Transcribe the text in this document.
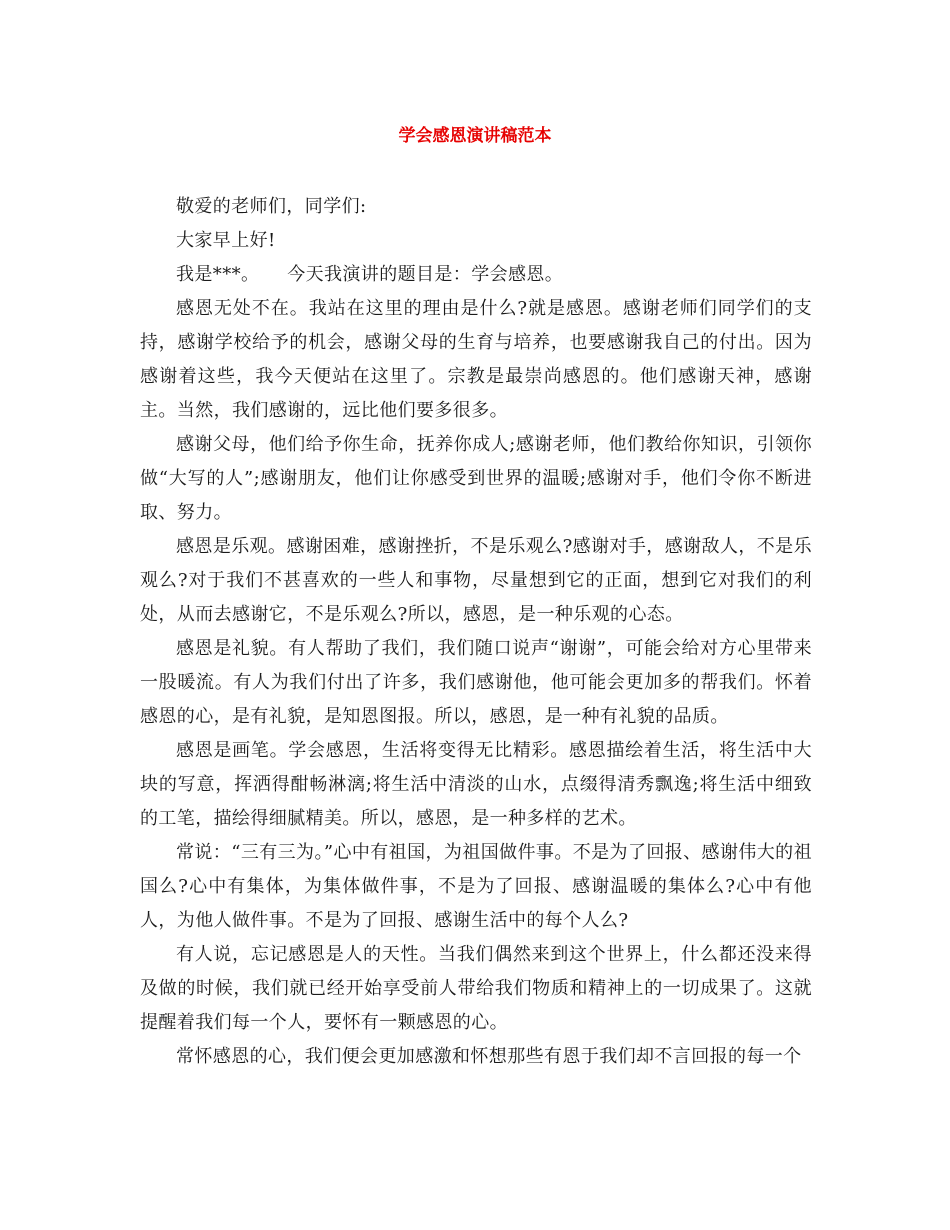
学会感恩演讲稿范本

敬爱的老师们，同学们:

大家早上好!

我是***。　　今天我演讲的题目是：学会感恩。

感恩无处不在。我站在这里的理由是什么?就是感恩。感谢老师们同学们的支持，感谢学校给予的机会，感谢父母的生育与培养，也要感谢我自己的付出。因为感谢着这些，我今天便站在这里了。宗教是最崇尚感恩的。他们感谢天神，感谢主。当然，我们感谢的，远比他们要多很多。

感谢父母，他们给予你生命，抚养你成人;感谢老师，他们教给你知识，引领你做“大写的人”;感谢朋友，他们让你感受到世界的温暖;感谢对手，他们令你不断进取、努力。

感恩是乐观。感谢困难，感谢挫折，不是乐观么?感谢对手，感谢敌人，不是乐观么?对于我们不甚喜欢的一些人和事物，尽量想到它的正面，想到它对我们的利处，从而去感谢它，不是乐观么?所以，感恩，是一种乐观的心态。

感恩是礼貌。有人帮助了我们，我们随口说声“谢谢”，可能会给对方心里带来一股暖流。有人为我们付出了许多，我们感谢他，他可能会更加多的帮我们。怀着感恩的心，是有礼貌，是知恩图报。所以，感恩，是一种有礼貌的品质。

感恩是画笔。学会感恩，生活将变得无比精彩。感恩描绘着生活，将生活中大块的写意，挥洒得酣畅淋漓;将生活中清淡的山水，点缀得清秀飘逸;将生活中细致的工笔，描绘得细腻精美。所以，感恩，是一种多样的艺术。

常说：“三有三为。”心中有祖国，为祖国做件事。不是为了回报、感谢伟大的祖国么?心中有集体，为集体做件事，不是为了回报、感谢温暖的集体么?心中有他人，为他人做件事。不是为了回报、感谢生活中的每个人么?

有人说，忘记感恩是人的天性。当我们偶然来到这个世界上，什么都还没来得及做的时候，我们就已经开始享受前人带给我们物质和精神上的一切成果了。这就提醒着我们每一个人，要怀有一颗感恩的心。

常怀感恩的心，我们便会更加感激和怀想那些有恩于我们却不言回报的每一个
